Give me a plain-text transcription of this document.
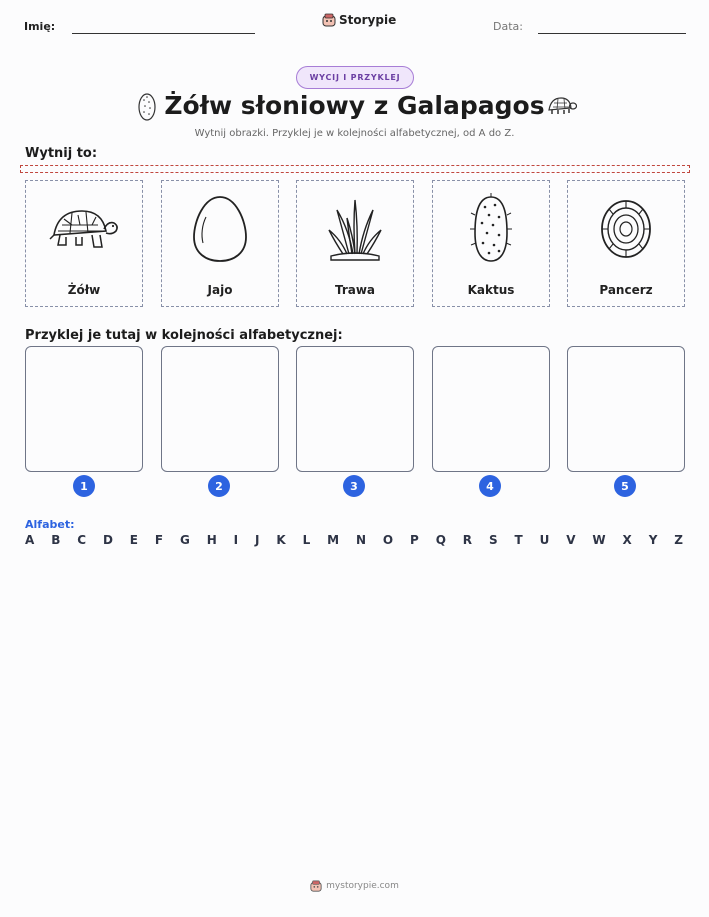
Imię:	Storypie	Data:
WYCIJ I PRZYKLEJ
Żółw słoniowy z Galapagos
Wytnij obrazki. Przyklej je w kolejności alfabetycznej, od A do Z.
Wytnij to:
Żółw	Jajo	Trawa	Kaktus	Pancerz
Przyklej je tutaj w kolejności alfabetycznej:
1	2	3	4	5
Alfabet:
A B C D E F G H I J K L M N O P Q R S T U V W X Y Z
mystorypie.com
